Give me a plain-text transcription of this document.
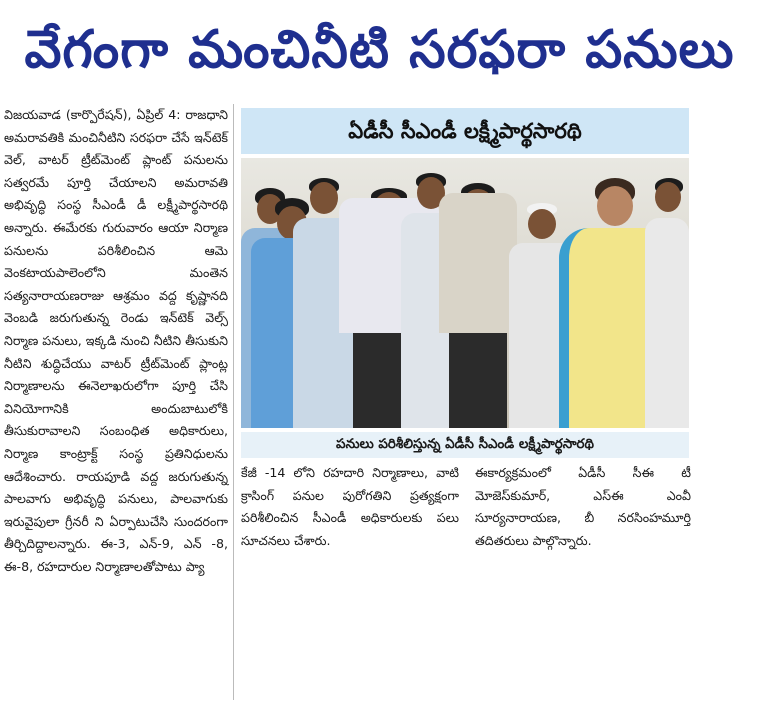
వేగంగా మంచినీటి సరఫరా పనులు

విజయవాడ (కార్పొరేషన్), ఏప్రిల్ 4: రాజధాని అమరావతికి మంచినీటిని సరఫరా చేసే ఇన్‌టెక్ వెల్, వాటర్ ట్రీట్‌మెంట్ ప్లాంట్ పనులను సత్వరమే పూర్తి చేయాలని అమరావతి అభివృద్ధి సంస్థ సీఎండీ డీ లక్ష్మీపార్థసారథి అన్నారు. ఈమేరకు గురువారం ఆయా నిర్మాణ పనులను పరిశీలించిన ఆమె వెంకటాయపాలెంలోని మంతెన సత్యనారాయణరాజు ఆశ్రమం వద్ద కృష్ణానది వెంబడి జరుగుతున్న రెండు ఇన్‌టెక్ వెల్స్ నిర్మాణ పనులు, ఇక్కడి నుంచి నీటిని తీసుకుని నీటిని శుద్ధిచేయు వాటర్ ట్రీట్‌మెంట్ ప్లాంట్ల నిర్మాణాలను ఈనెలాఖరులోగా పూర్తి చేసి వినియోగానికి అందుబాటులోకి తీసుకురావాలని సంబంధిత అధికారులు, నిర్మాణ కాంట్రాక్ట్ సంస్థ ప్రతినిధులను ఆదేశించారు. రాయపూడి వద్ద జరుగుతున్న పాలవాగు అభివృద్ధి పనులు, పాలవాగుకు ఇరువైపులా గ్రీనరీ ని ఏర్పాటుచేసి సుందరంగా తీర్చిదిద్దాలన్నారు. ఈ-3, ఎన్-9, ఎన్ -8, ఈ-8, రహదారుల నిర్మాణాలతోపాటు ప్యా

ఏడీసీ సీఎండీ లక్ష్మీపార్థసారథి
పనులు పరిశీలిస్తున్న ఏడీసీ సీఎండీ లక్ష్మీపార్థసారథి

కేజీ -14 లోని రహదారి నిర్మాణాలు, వాటి క్రాసింగ్ పనుల పురోగతిని ప్రత్యక్షంగా పరిశీలించిన సీఎండీ అధికారులకు పలు సూచనలు చేశారు.

ఈకార్యక్రమంలో ఏడీసీ సీఈ టీ మోజెస్‌కుమార్, ఎస్ఈ ఎంవీ సూర్యనారాయణ, బీ నరసింహమూర్తి తదితరులు పాల్గొన్నారు.
